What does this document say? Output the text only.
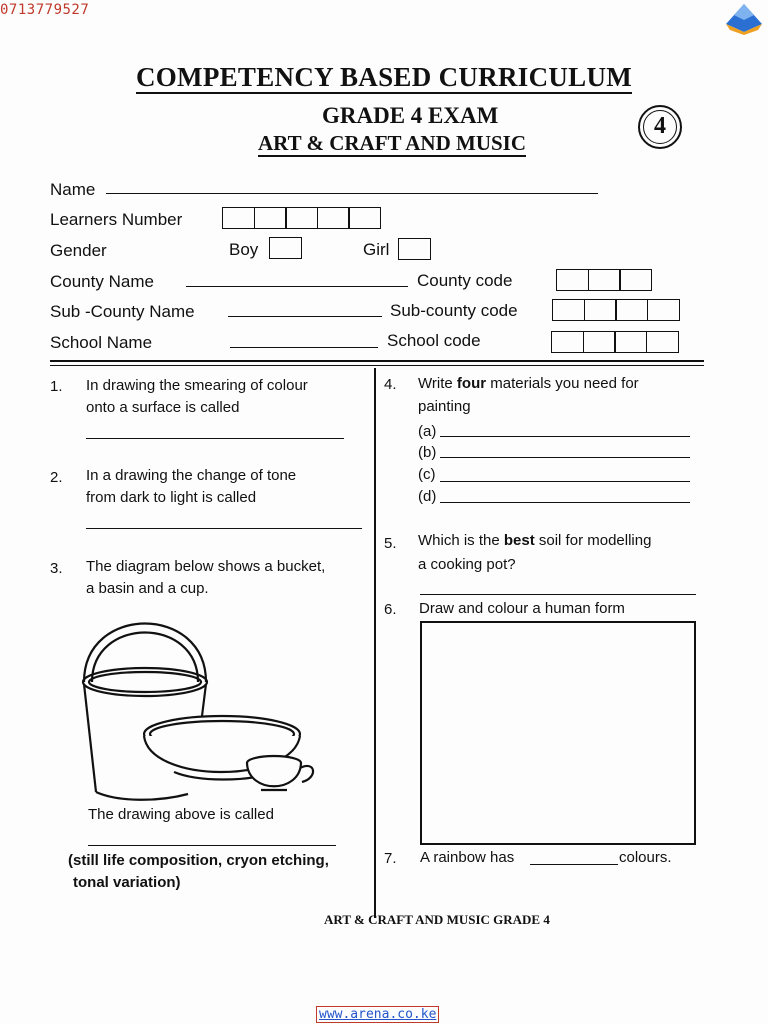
0713779527
COMPETENCY BASED CURRICULUM
GRADE 4 EXAM
ART & CRAFT AND MUSIC
4
Name
Learners Number
Gender	Boy	Girl
County Name	County code
Sub -County Name	Sub-county code
School Name	School code
1. In drawing the smearing of colour
onto a surface is called
2. In a drawing the change of tone
from dark to light is called
3. The diagram below shows a bucket,
a basin and a cup.
The drawing above is called
(still life composition, cryon etching,
tonal variation)
4. Write four materials you need for
painting
(a)
(b)
(c)
(d)
5. Which is the best soil for modelling
a cooking pot?
6. Draw and colour a human form
7. A rainbow has	colours.
ART & CRAFT AND MUSIC GRADE 4
www.arena.co.ke
